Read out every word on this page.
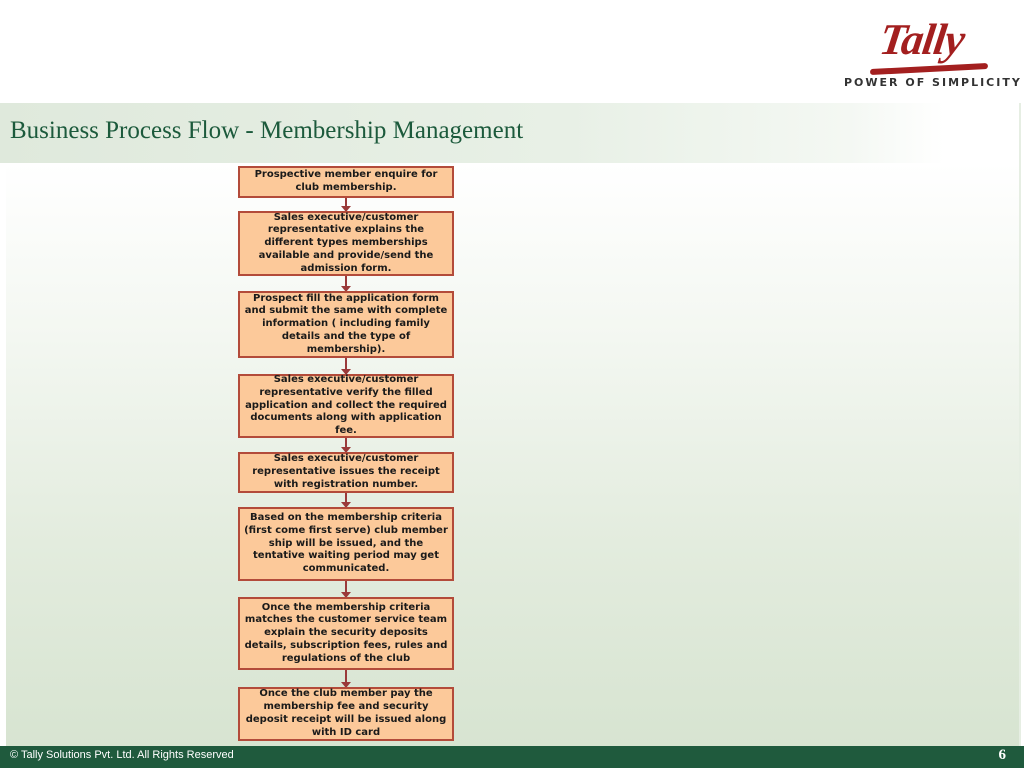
Tally
POWER OF SIMPLICITY
Business Process Flow - Membership Management
Prospective member enquire for club membership.
Sales executive/customer representative explains the different types memberships available and provide/send the admission form.
Prospect fill the application form and submit the same with complete information ( including family details and the type of membership).
Sales executive/customer representative verify the filled application and collect the required documents along with application fee.
Sales executive/customer representative issues the receipt with registration number.
Based on the membership criteria (first come first serve) club member ship will be issued, and the tentative waiting period may get communicated.
Once the membership criteria matches the customer service team explain the security deposits details, subscription fees, rules and regulations of the club
Once the club member pay the membership fee and security deposit receipt will be issued along with ID card
© Tally Solutions Pvt. Ltd. All Rights Reserved	6
